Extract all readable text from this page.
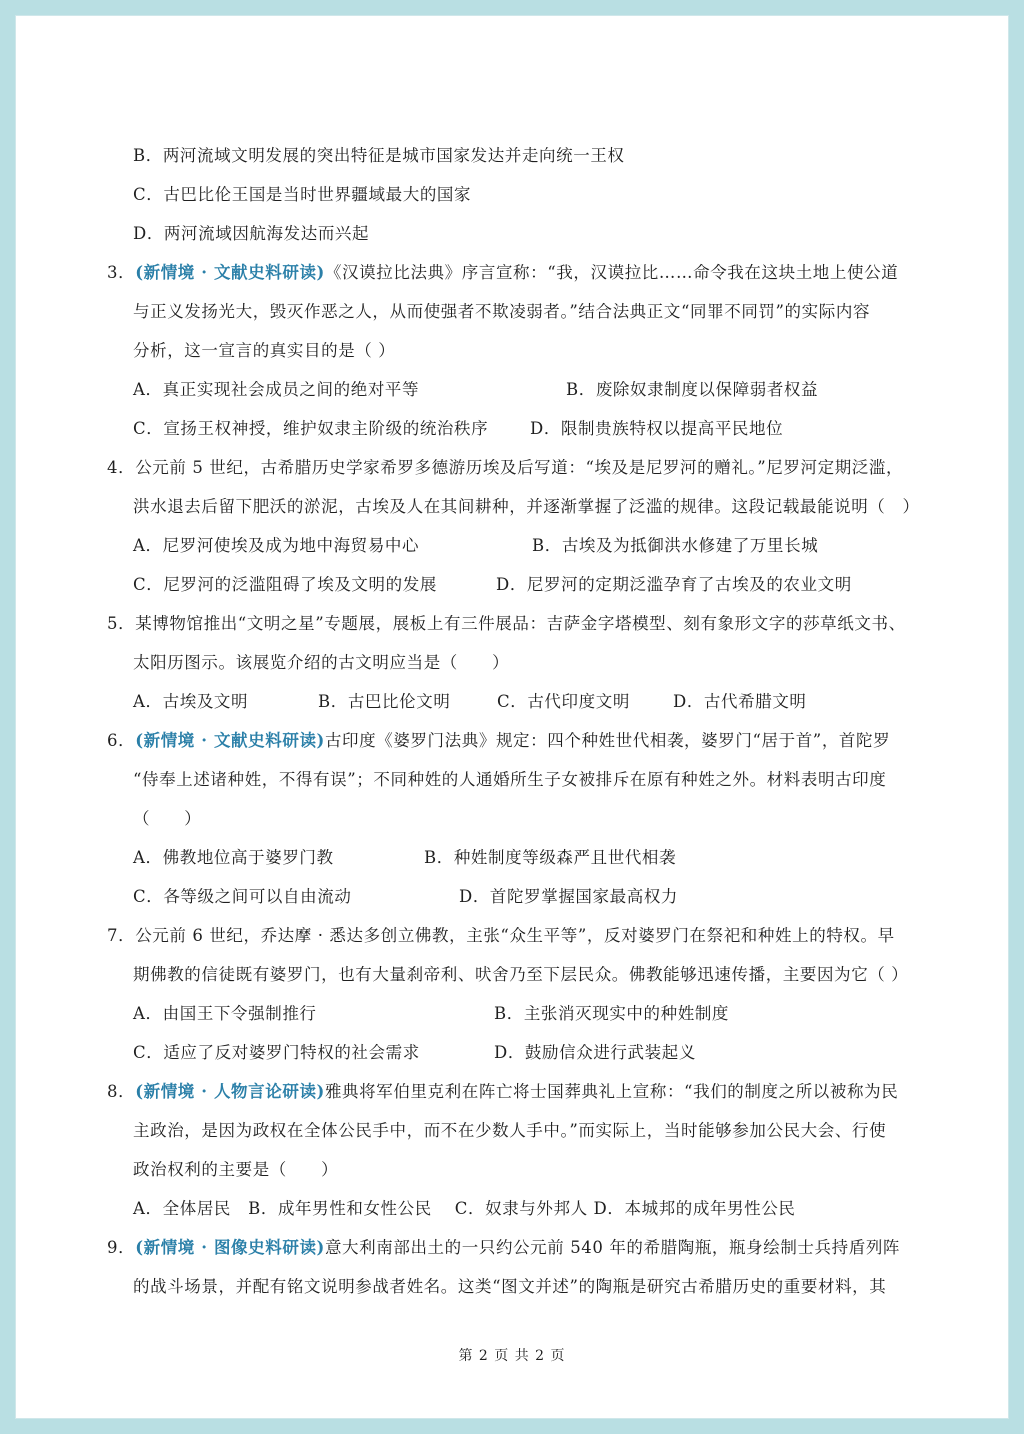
B．两河流域文明发展的突出特征是城市国家发达并走向统一王权
C．古巴比伦王国是当时世界疆域最大的国家
D．两河流域因航海发达而兴起
3．(新情境 · 文献史料研读)《汉谟拉比法典》序言宣称：“我，汉谟拉比……命令我在这块土地上使公道
与正义发扬光大，毁灭作恶之人，从而使强者不欺凌弱者。”结合法典正文“同罪不同罚”的实际内容
分析，这一宣言的真实目的是（ ）
A．真正实现社会成员之间的绝对平等	B．废除奴隶制度以保障弱者权益
C．宣扬王权神授，维护奴隶主阶级的统治秩序	D．限制贵族特权以提高平民地位
4．公元前 5 世纪，古希腊历史学家希罗多德游历埃及后写道：“埃及是尼罗河的赠礼。”尼罗河定期泛滥，
洪水退去后留下肥沃的淤泥，古埃及人在其间耕种，并逐渐掌握了泛滥的规律。这段记载最能说明（　）
A．尼罗河使埃及成为地中海贸易中心	B．古埃及为抵御洪水修建了万里长城
C．尼罗河的泛滥阻碍了埃及文明的发展	D．尼罗河的定期泛滥孕育了古埃及的农业文明
5．某博物馆推出“文明之星”专题展，展板上有三件展品：吉萨金字塔模型、刻有象形文字的莎草纸文书、
太阳历图示。该展览介绍的古文明应当是（　　）
A．古埃及文明	B．古巴比伦文明	C．古代印度文明	D．古代希腊文明
6．(新情境 · 文献史料研读)古印度《婆罗门法典》规定：四个种姓世代相袭，婆罗门“居于首”，首陀罗
“侍奉上述诸种姓，不得有误”；不同种姓的人通婚所生子女被排斥在原有种姓之外。材料表明古印度
（　　）
A．佛教地位高于婆罗门教	B．种姓制度等级森严且世代相袭
C．各等级之间可以自由流动	D．首陀罗掌握国家最高权力
7．公元前 6 世纪，乔达摩 · 悉达多创立佛教，主张“众生平等”，反对婆罗门在祭祀和种姓上的特权。早
期佛教的信徒既有婆罗门，也有大量刹帝利、吠舍乃至下层民众。佛教能够迅速传播，主要因为它（ ）
A．由国王下令强制推行	B．主张消灭现实中的种姓制度
C．适应了反对婆罗门特权的社会需求	D．鼓励信众进行武装起义
8．(新情境 · 人物言论研读)雅典将军伯里克利在阵亡将士国葬典礼上宣称：“我们的制度之所以被称为民
主政治，是因为政权在全体公民手中，而不在少数人手中。”而实际上，当时能够参加公民大会、行使
政治权利的主要是（　　）
A．全体居民　B．成年男性和女性公民　 C．奴隶与外邦人 D．本城邦的成年男性公民
9．(新情境 · 图像史料研读)意大利南部出土的一只约公元前 540 年的希腊陶瓶，瓶身绘制士兵持盾列阵
的战斗场景，并配有铭文说明参战者姓名。这类“图文并述”的陶瓶是研究古希腊历史的重要材料，其
第 2 页 共 2 页
